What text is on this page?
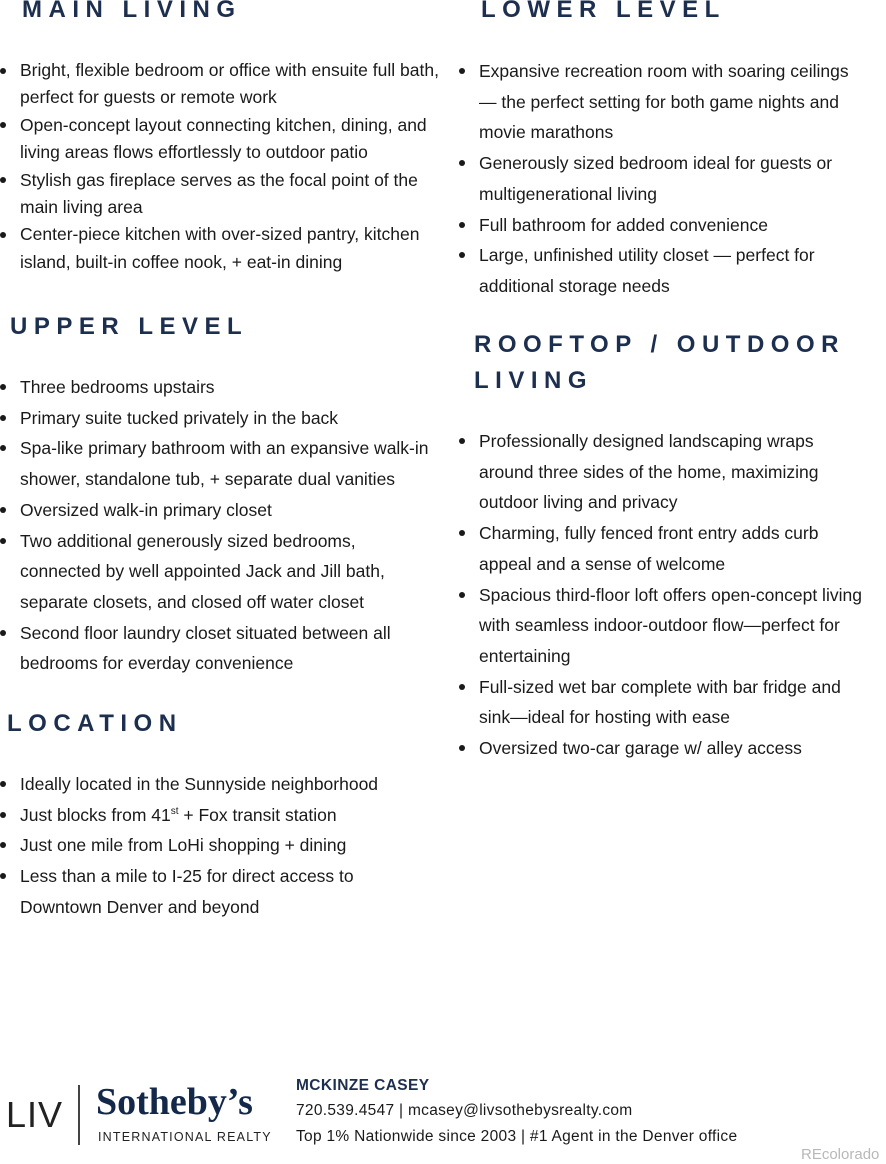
MAIN LIVING
Bright, flexible bedroom or office with ensuite full bath, perfect for guests or remote work
Open-concept layout connecting kitchen, dining, and living areas flows effortlessly to outdoor patio
Stylish gas fireplace serves as the focal point of the main living area
Center-piece kitchen with over-sized pantry, kitchen island, built-in coffee nook, + eat-in dining
LOWER LEVEL
Expansive recreation room with soaring ceilings — the perfect setting for both game nights and movie marathons
Generously sized bedroom ideal for guests or multigenerational living
Full bathroom for added convenience
Large, unfinished utility closet — perfect for additional storage needs
UPPER LEVEL
Three bedrooms upstairs
Primary suite tucked privately in the back
Spa-like primary bathroom with an expansive walk-in shower, standalone tub, + separate dual vanities
Oversized walk-in primary closet
Two additional generously sized bedrooms, connected by well appointed Jack and Jill bath, separate closets, and closed off water closet
Second floor laundry closet situated between all bedrooms for everday convenience
ROOFTOP / OUTDOOR
LIVING
Professionally designed landscaping wraps around three sides of the home, maximizing outdoor living and privacy
Charming, fully fenced front entry adds curb appeal and a sense of welcome
Spacious third-floor loft offers open-concept living with seamless indoor-outdoor flow—perfect for entertaining
Full-sized wet bar complete with bar fridge and sink—ideal for hosting with ease
Oversized two-car garage w/ alley access
LOCATION
Ideally located in the Sunnyside neighborhood
Just blocks from 41st + Fox transit station
Just one mile from LoHi shopping + dining
Less than a mile to I-25 for direct access to Downtown Denver and beyond
LIV Sotheby’s
INTERNATIONAL REALTY
MCKINZE CASEY
720.539.4547 | mcasey@livsothebysrealty.com
Top 1% Nationwide since 2003 | #1 Agent in the Denver office
REcolorado
